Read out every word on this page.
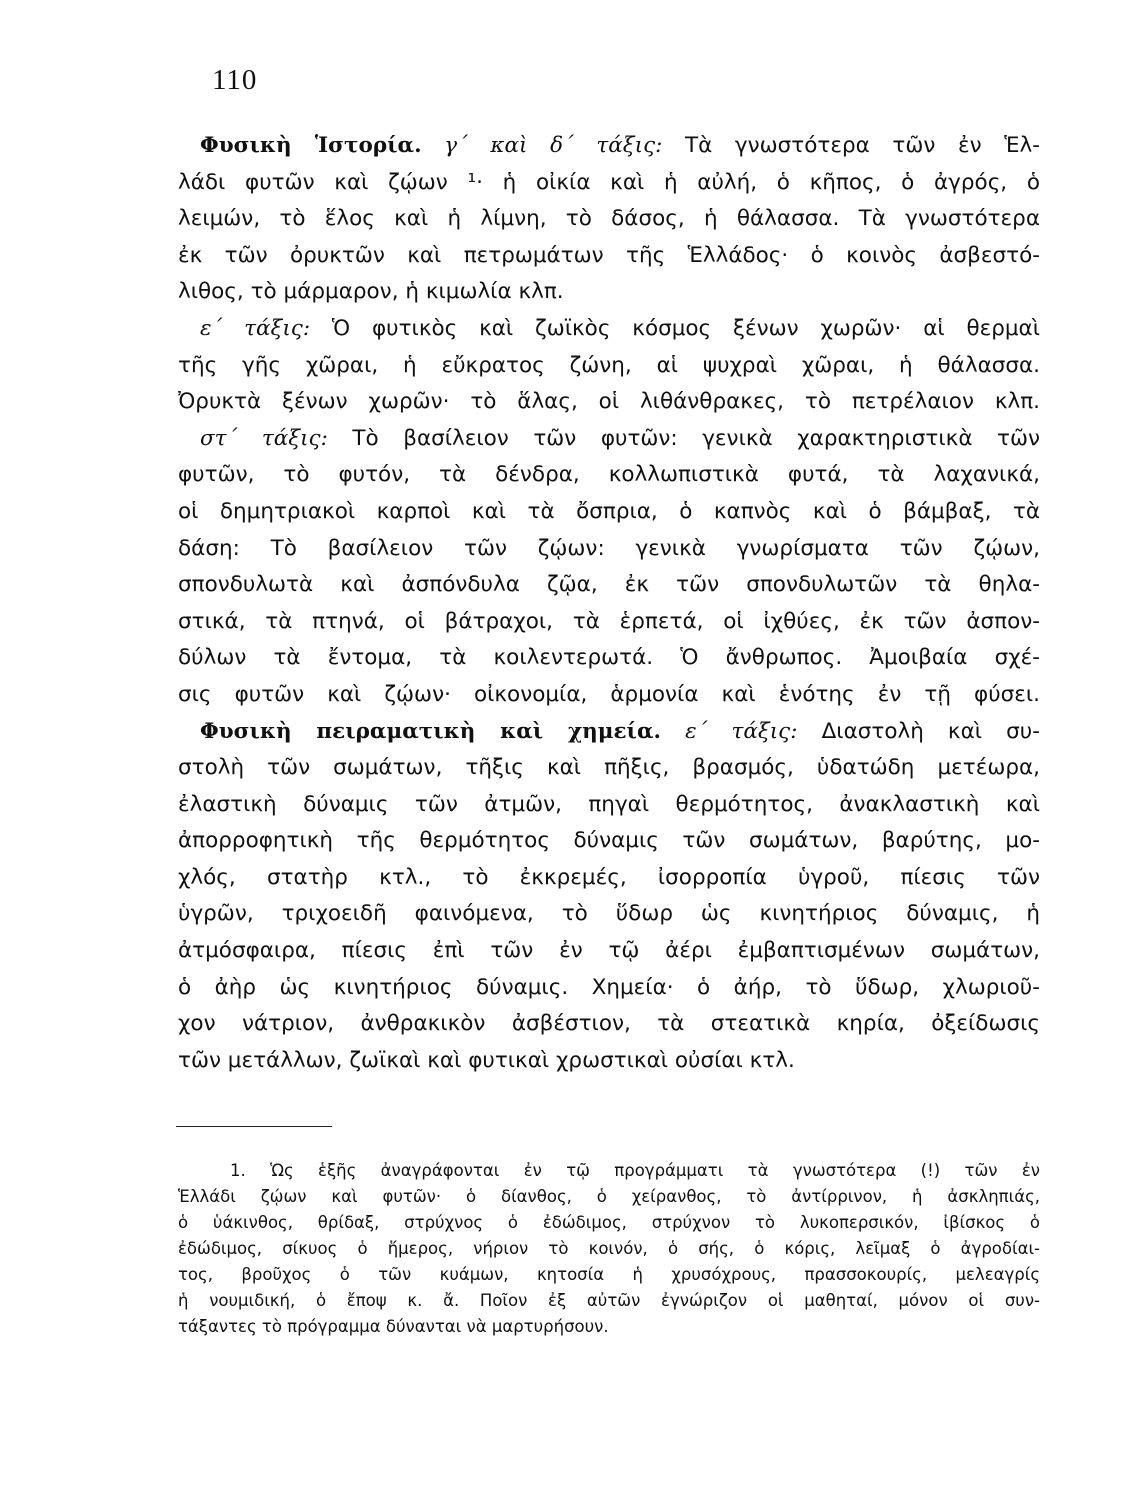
110
Φυσικὴ Ἱστορία. γ΄ καὶ δ΄ τάξις: Τὰ γνωστότερα τῶν ἐν Ἑλ-
λάδι φυτῶν καὶ ζῴων ¹· ἡ οἰκία καὶ ἡ αὐλή, ὁ κῆπος, ὁ ἀγρός, ὁ
λειμών, τὸ ἕλος καὶ ἡ λίμνη, τὸ δάσος, ἡ θάλασσα. Τὰ γνωστότερα
ἐκ τῶν ὀρυκτῶν καὶ πετρωμάτων τῆς Ἑλλάδος· ὁ κοινὸς ἀσβεστό-
λιθος, τὸ μάρμαρον, ἡ κιμωλία κλπ.
ε΄ τάξις: Ὁ φυτικὸς καὶ ζωϊκὸς κόσμος ξένων χωρῶν· αἱ θερμαὶ
τῆς γῆς χῶραι, ἡ εὔκρατος ζώνη, αἱ ψυχραὶ χῶραι, ἡ θάλασσα.
Ὀρυκτὰ ξένων χωρῶν· τὸ ἅλας, οἱ λιθάνθρακες, τὸ πετρέλαιον κλπ.
στ΄ τάξις: Τὸ βασίλειον τῶν φυτῶν: γενικὰ χαρακτηριστικὰ τῶν
φυτῶν, τὸ φυτόν, τὰ δένδρα, κολλωπιστικὰ φυτά, τὰ λαχανικά,
οἱ δημητριακοὶ καρποὶ καὶ τὰ ὄσπρια, ὁ καπνὸς καὶ ὁ βάμβαξ, τὰ
δάση: Τὸ βασίλειον τῶν ζῴων: γενικὰ γνωρίσματα τῶν ζῴων,
σπονδυλωτὰ καὶ ἀσπόνδυλα ζῷα, ἐκ τῶν σπονδυλωτῶν τὰ θηλα-
στικά, τὰ πτηνά, οἱ βάτραχοι, τὰ ἑρπετά, οἱ ἰχθύες, ἐκ τῶν ἀσπον-
δύλων τὰ ἔντομα, τὰ κοιλεντερωτά. Ὁ ἄνθρωπος. Ἀμοιβαία σχέ-
σις φυτῶν καὶ ζῴων· οἰκονομία, ἁρμονία καὶ ἑνότης ἐν τῇ φύσει.
Φυσικὴ πειραματικὴ καὶ χημεία. ε΄ τάξις: Διαστολὴ καὶ συ-
στολὴ τῶν σωμάτων, τῆξις καὶ πῆξις, βρασμός, ὑδατώδη μετέωρα,
ἐλαστικὴ δύναμις τῶν ἀτμῶν, πηγαὶ θερμότητος, ἀνακλαστικὴ καὶ
ἀπορροφητικὴ τῆς θερμότητος δύναμις τῶν σωμάτων, βαρύτης, μο-
χλός, στατὴρ κτλ., τὸ ἐκκρεμές, ἰσορροπία ὑγροῦ, πίεσις τῶν
ὑγρῶν, τριχοειδῆ φαινόμενα, τὸ ὕδωρ ὡς κινητήριος δύναμις, ἡ
ἀτμόσφαιρα, πίεσις ἐπὶ τῶν ἐν τῷ ἀέρι ἐμβαπτισμένων σωμάτων,
ὁ ἀὴρ ὡς κινητήριος δύναμις. Χημεία· ὁ ἀήρ, τὸ ὕδωρ, χλωριοῦ-
χον νάτριον, ἀνθρακικὸν ἀσβέστιον, τὰ στεατικὰ κηρία, ὀξείδωσις
τῶν μετάλλων, ζωϊκαὶ καὶ φυτικαὶ χρωστικαὶ οὐσίαι κτλ.
1. Ὡς ἑξῆς ἀναγράφονται ἐν τῷ προγράμματι τὰ γνωστότερα (!) τῶν ἐν
Ἑλλάδι ζῴων καὶ φυτῶν· ὁ δίανθος, ὁ χείρανθος, τὸ ἀντίρρινον, ἡ ἀσκληπιάς,
ὁ ὑάκινθος, θρίδαξ, στρύχνος ὁ ἐδώδιμος, στρύχνον τὸ λυκοπερσικόν, ἰβίσκος ὁ
ἐδώδιμος, σίκυος ὁ ἥμερος, νήριον τὸ κοινόν, ὁ σής, ὁ κόρις, λεῖμαξ ὁ ἀγροδίαι-
τος, βροῦχος ὁ τῶν κυάμων, κητοσία ἡ χρυσόχρους, πρασσοκουρίς, μελεαγρίς
ἡ νουμιδική, ὁ ἔποψ κ. ἄ. Ποῖον ἐξ αὐτῶν ἐγνώριζον οἱ μαθηταί, μόνον οἱ συν-
τάξαντες τὸ πρόγραμμα δύνανται νὰ μαρτυρήσουν.
